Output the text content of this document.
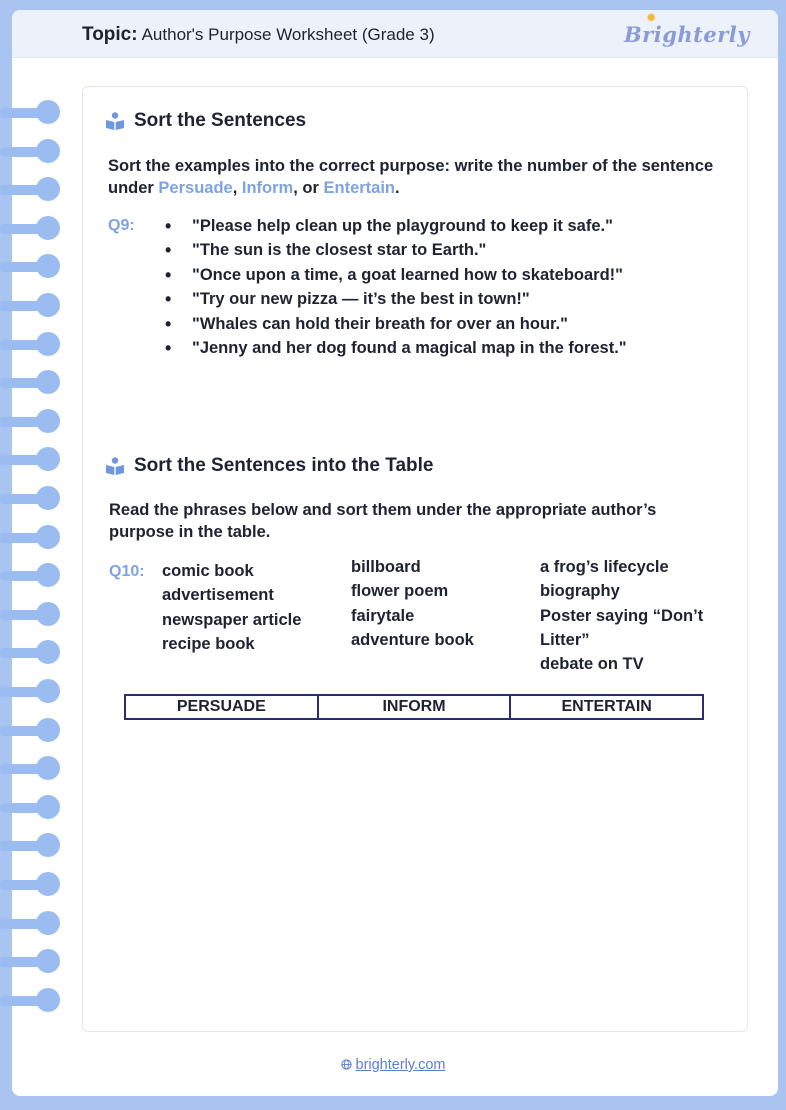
Topic: Author's Purpose Worksheet (Grade 3)
✺
Brighterly
Sort the Sentences
Sort the examples into the correct purpose: write the number of the sentence under Persuade, Inform, or Entertain.
Q9:
•	"Please help clean up the playground to keep it safe."
• "The sun is the closest star to Earth."
• "Once upon a time, a goat learned how to skateboard!"
• "Try our new pizza — it’s the best in town!"
• "Whales can hold their breath for over an hour."
• "Jenny and her dog found a magical map in the forest."
Sort the Sentences into the Table
Read the phrases below and sort them under the appropriate author’s purpose in the table.
Q10: comic book
advertisement
newspaper article
recipe book
billboard
flower poem
fairytale
adventure book
a frog’s lifecycle
biography
Poster saying “Don’t
Litter”
debate on TV
PERSUADE	INFORM	ENTERTAIN
brighterly.com
